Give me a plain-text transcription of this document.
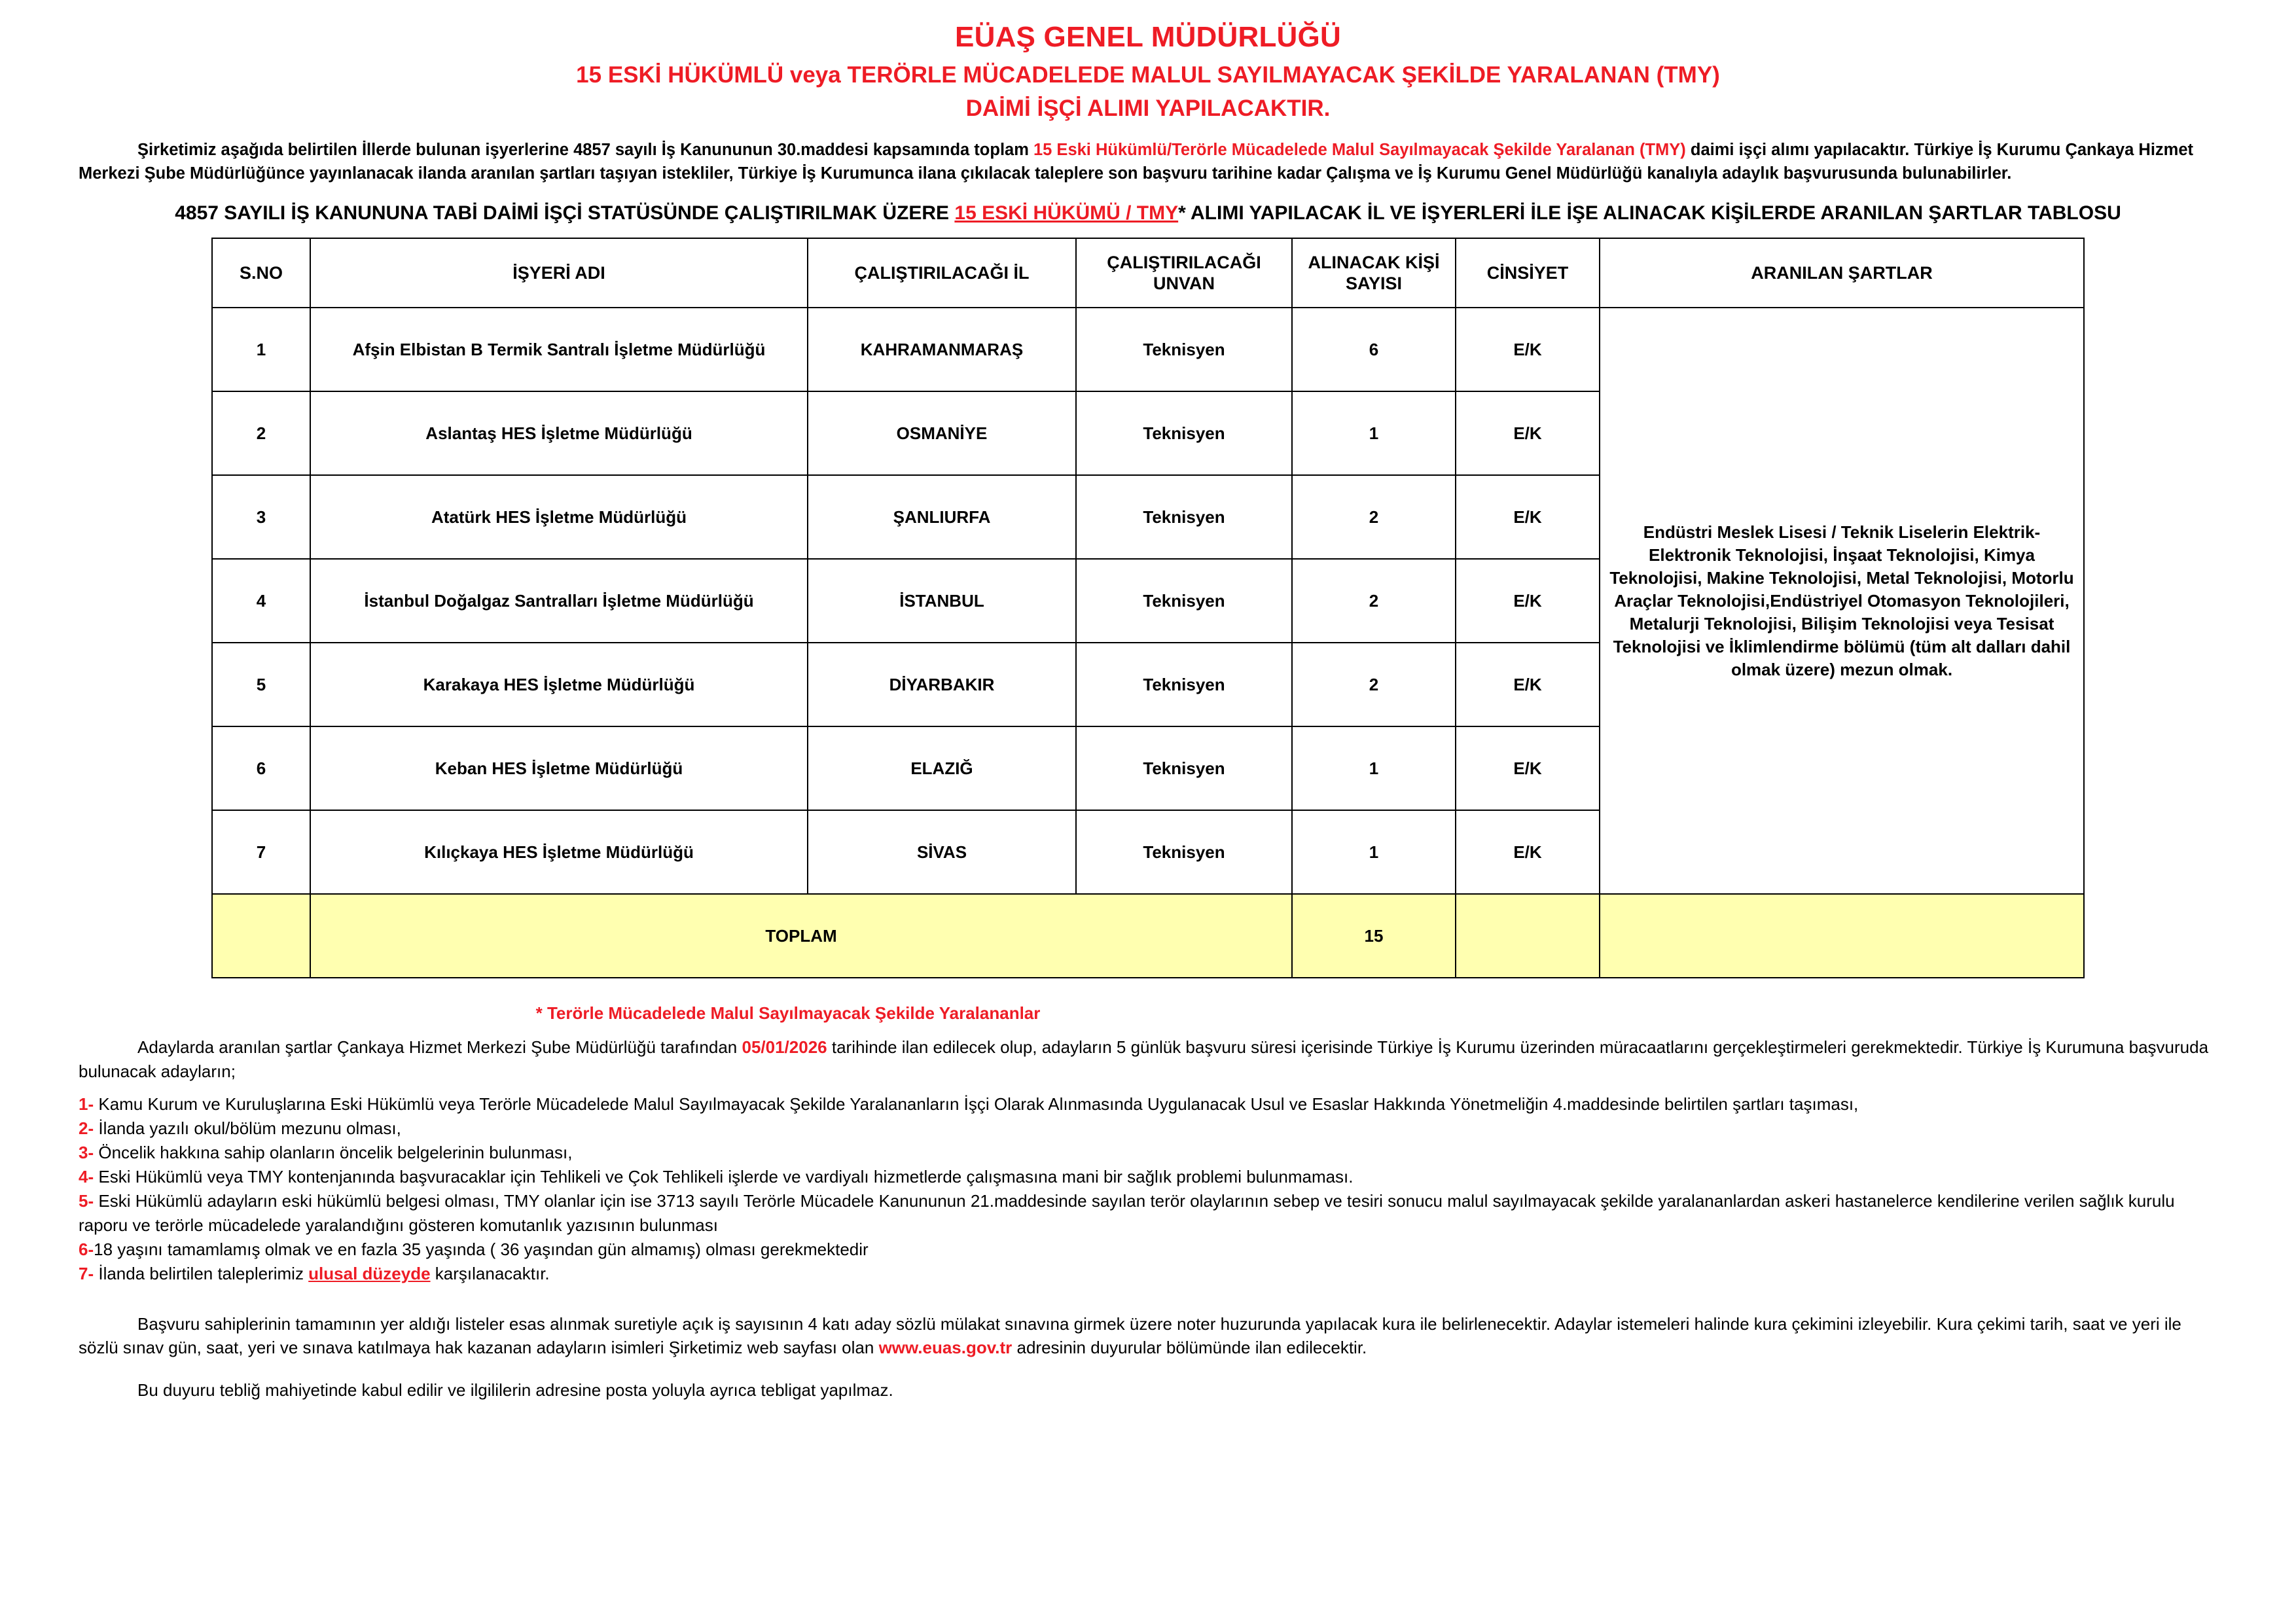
EÜAŞ GENEL MÜDÜRLÜĞÜ
15 ESKİ HÜKÜMLÜ veya TERÖRLE MÜCADELEDE MALUL SAYILMAYACAK ŞEKİLDE YARALANAN (TMY)
DAİMİ İŞÇİ ALIMI YAPILACAKTIR.
Şirketimiz aşağıda belirtilen İllerde bulunan işyerlerine 4857 sayılı İş Kanununun 30.maddesi kapsamında toplam 15 Eski Hükümlü/Terörle Mücadelede Malul Sayılmayacak Şekilde Yaralanan (TMY) daimi işçi alımı yapılacaktır. Türkiye İş Kurumu Çankaya Hizmet Merkezi Şube Müdürlüğünce yayınlanacak ilanda aranılan şartları taşıyan istekliler, Türkiye İş Kurumunca ilana çıkılacak taleplere son başvuru tarihine kadar Çalışma ve İş Kurumu Genel Müdürlüğü kanalıyla adaylık başvurusunda bulunabilirler.
4857 SAYILI İŞ KANUNUNA TABİ DAİMİ İŞÇİ STATÜSÜNDE ÇALIŞTIRILMAK ÜZERE 15 ESKİ HÜKÜMÜ / TMY* ALIMI YAPILACAK İL VE İŞYERLERİ İLE İŞE ALINACAK KİŞİLERDE ARANILAN ŞARTLAR TABLOSU
S.NO	İŞYERİ ADI	ÇALIŞTIRILACAĞI İL	ÇALIŞTIRILACAĞI UNVAN	ALINACAK KİŞİ SAYISI	CİNSİYET	ARANILAN ŞARTLAR
1	Afşin Elbistan B Termik Santralı İşletme Müdürlüğü	KAHRAMANMARAŞ	Teknisyen	6	E/K	Endüstri Meslek Lisesi / Teknik Liselerin Elektrik-Elektronik Teknolojisi, İnşaat Teknolojisi, Kimya Teknolojisi, Makine Teknolojisi, Metal Teknolojisi, Motorlu Araçlar Teknolojisi,Endüstriyel Otomasyon Teknolojileri, Metalurji Teknolojisi, Bilişim Teknolojisi veya Tesisat Teknolojisi ve İklimlendirme bölümü (tüm alt dalları dahil olmak üzere) mezun olmak.
2	Aslantaş HES İşletme Müdürlüğü	OSMANİYE	Teknisyen	1	E/K	
3	Atatürk HES İşletme Müdürlüğü	ŞANLIURFA	Teknisyen	2	E/K	
4	İstanbul Doğalgaz Santralları İşletme Müdürlüğü	İSTANBUL	Teknisyen	2	E/K	
5	Karakaya HES İşletme Müdürlüğü	DİYARBAKIR	Teknisyen	2	E/K	
6	Keban HES İşletme Müdürlüğü	ELAZIĞ	Teknisyen	1	E/K	
7	Kılıçkaya HES İşletme Müdürlüğü	SİVAS	Teknisyen	1	E/K	
	TOPLAM			15		
* Terörle Mücadelede Malul Sayılmayacak Şekilde Yaralananlar
Adaylarda aranılan şartlar Çankaya Hizmet Merkezi Şube Müdürlüğü tarafından 05/01/2026 tarihinde ilan edilecek olup, adayların 5 günlük başvuru süresi içerisinde Türkiye İş Kurumu üzerinden müracaatlarını gerçekleştirmeleri gerekmektedir. Türkiye İş Kurumuna başvuruda bulunacak adayların;

1- Kamu Kurum ve Kuruluşlarına Eski Hükümlü veya Terörle Mücadelede Malul Sayılmayacak Şekilde Yaralananların İşçi Olarak Alınmasında Uygulanacak Usul ve Esaslar Hakkında Yönetmeliğin 4.maddesinde belirtilen şartları taşıması,

2- İlanda yazılı okul/bölüm mezunu olması,

3- Öncelik hakkına sahip olanların öncelik belgelerinin bulunması,

4- Eski Hükümlü veya TMY kontenjanında başvuracaklar için Tehlikeli ve Çok Tehlikeli işlerde ve vardiyalı hizmetlerde çalışmasına mani bir sağlık problemi bulunmaması.

5- Eski Hükümlü adayların eski hükümlü belgesi olması, TMY olanlar için ise 3713 sayılı Terörle Mücadele Kanununun 21.maddesinde sayılan terör olaylarının sebep ve tesiri sonucu malul sayılmayacak şekilde yaralananlardan askeri hastanelerce kendilerine verilen sağlık kurulu raporu ve terörle mücadelede yaralandığını gösteren komutanlık yazısının bulunması

6-18 yaşını tamamlamış olmak ve en fazla 35 yaşında ( 36 yaşından gün almamış) olması gerekmektedir

7- İlanda belirtilen taleplerimiz ulusal düzeyde karşılanacaktır.

Başvuru sahiplerinin tamamının yer aldığı listeler esas alınmak suretiyle açık iş sayısının 4 katı aday sözlü mülakat sınavına girmek üzere noter huzurunda yapılacak kura ile belirlenecektir. Adaylar istemeleri halinde kura çekimini izleyebilir. Kura çekimi tarih, saat ve yeri ile sözlü sınav gün, saat, yeri ve sınava katılmaya hak kazanan adayların isimleri Şirketimiz web sayfası olan www.euas.gov.tr adresinin duyurular bölümünde ilan edilecektir.

Bu duyuru tebliğ mahiyetinde kabul edilir ve ilgililerin adresine posta yoluyla ayrıca tebligat yapılmaz.
